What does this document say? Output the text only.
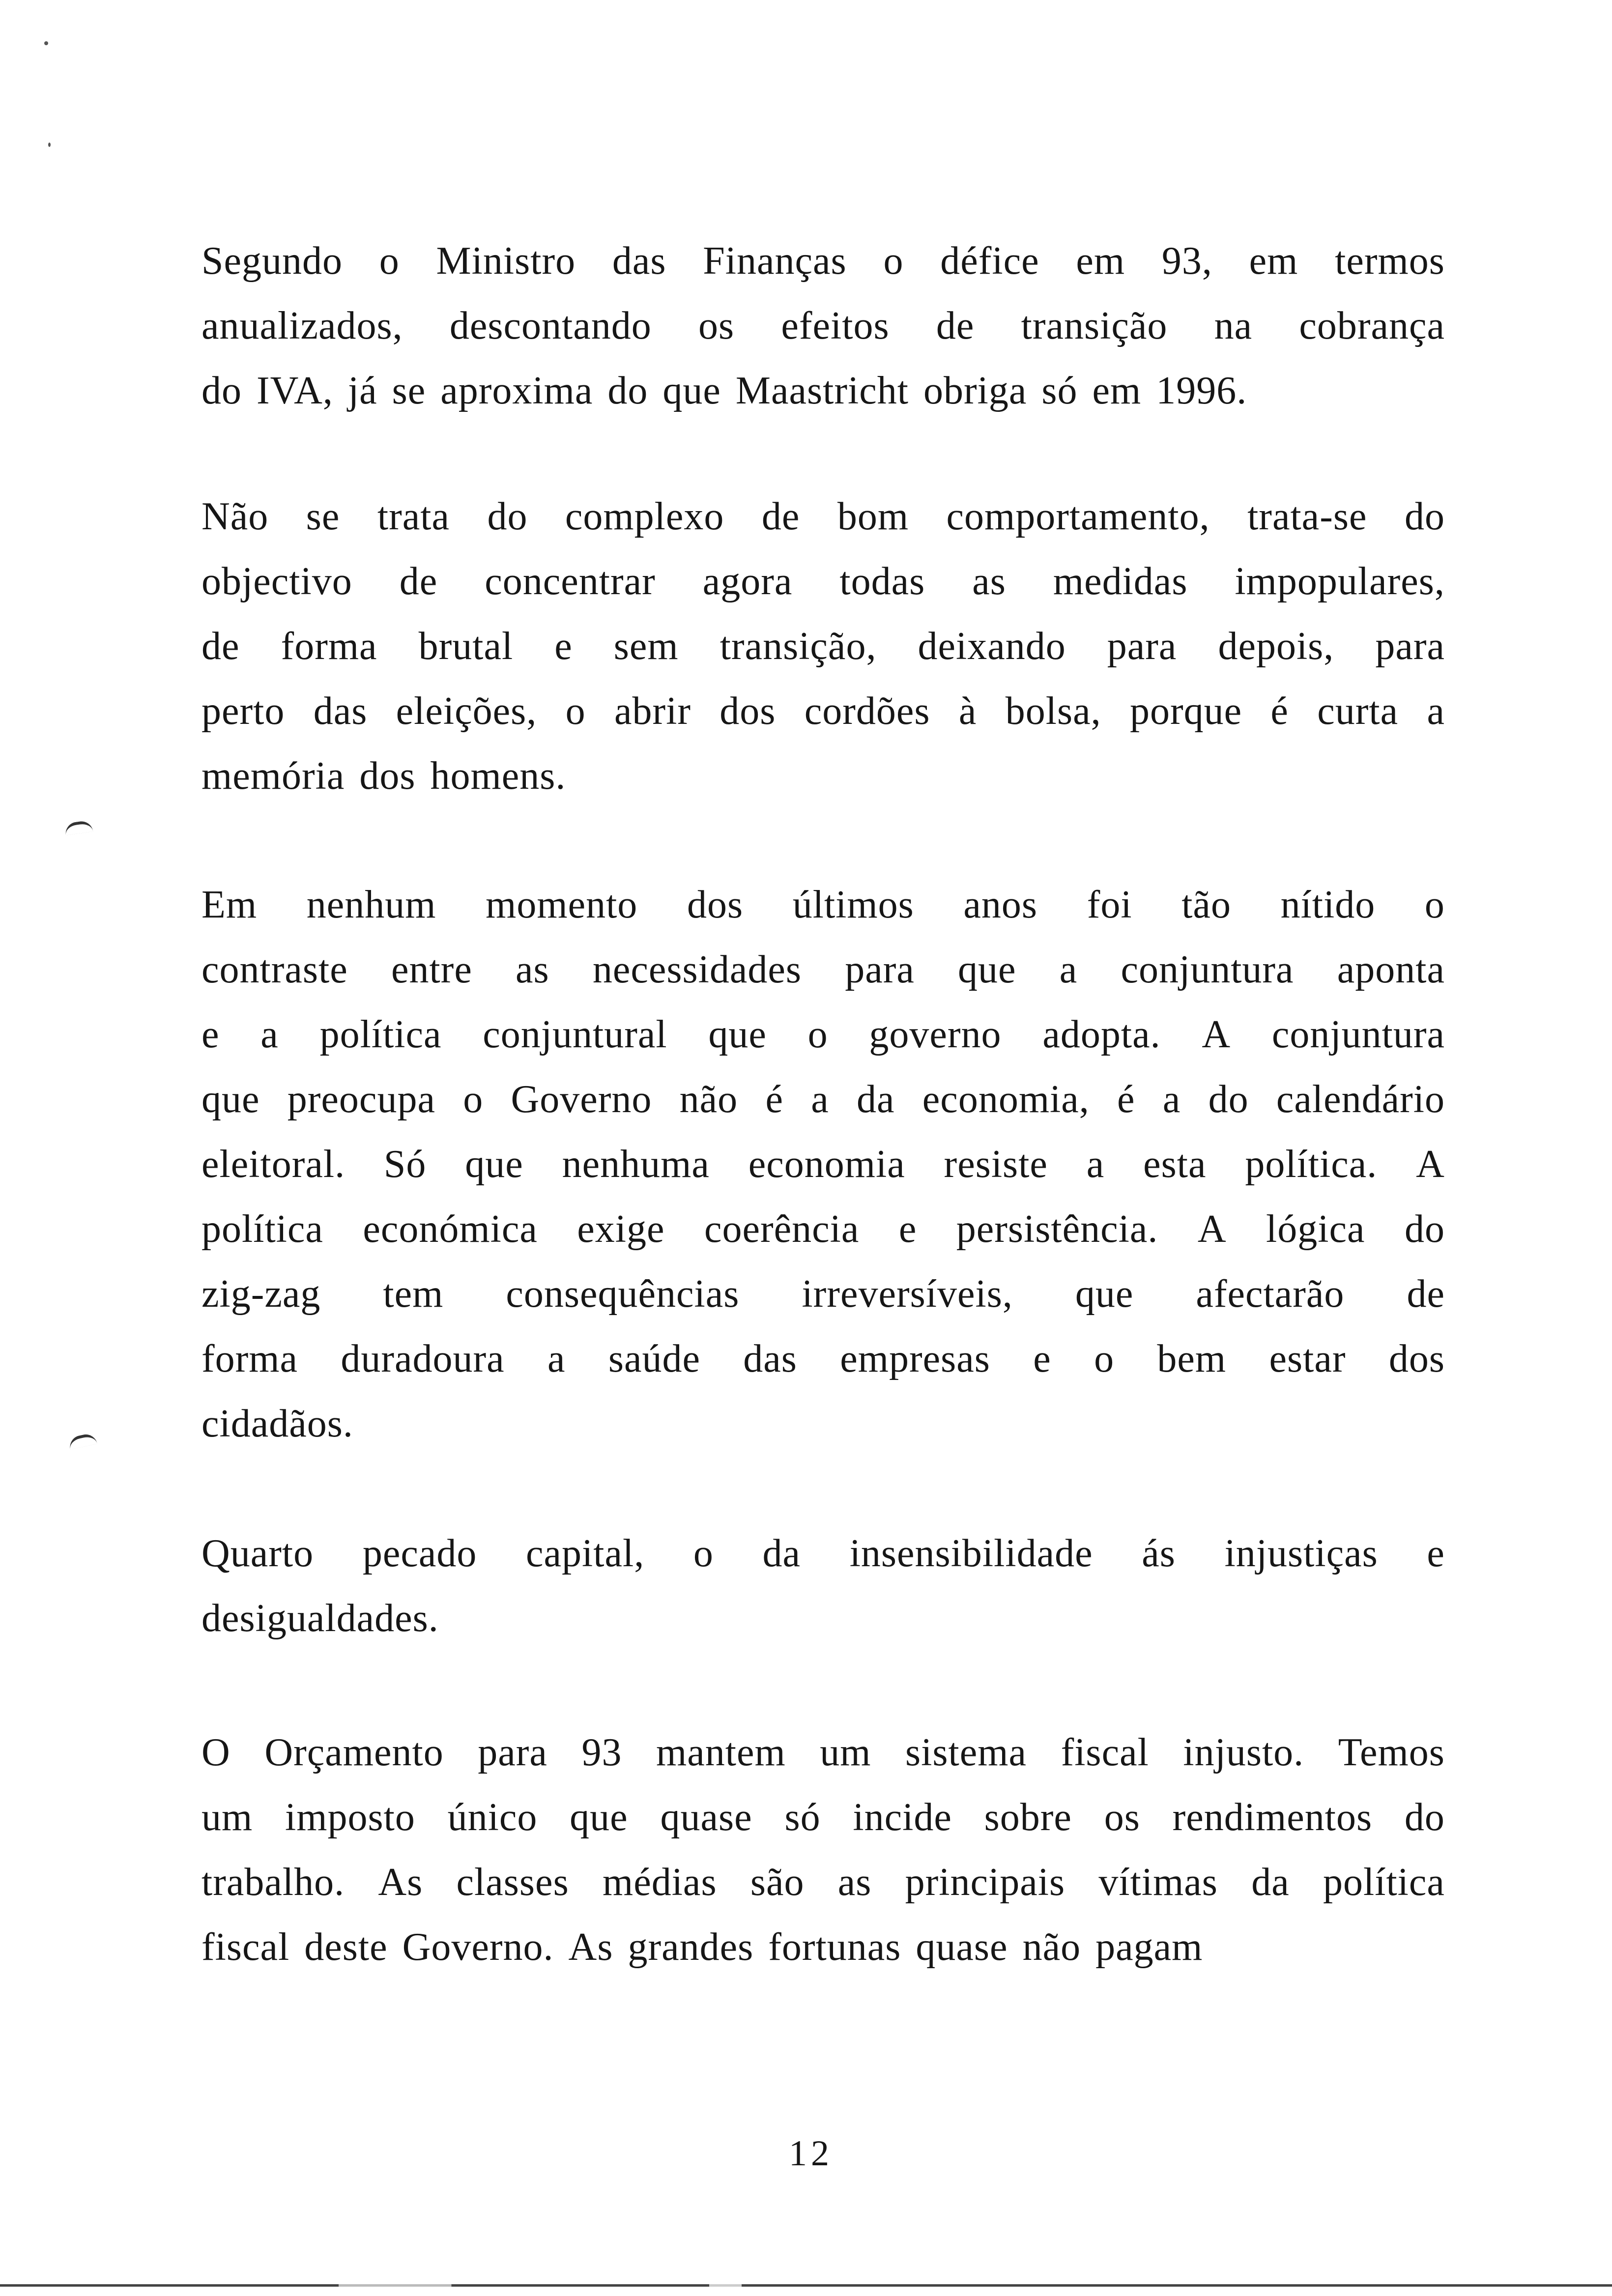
Segundo o Ministro das Finanças o défice em 93, em termos
anualizados, descontando os efeitos de transição na cobrança
do IVA, já se aproxima do que Maastricht obriga só em 1996.
Não se trata do complexo de bom comportamento, trata-se do
objectivo de concentrar agora todas as medidas impopulares,
de forma brutal e sem transição, deixando para depois, para
perto das eleições, o abrir dos cordões à bolsa, porque é curta a
memória dos homens.
Em nenhum momento dos últimos anos foi tão nítido o
contraste entre as necessidades para que a conjuntura aponta
e a política conjuntural que o governo adopta. A conjuntura
que preocupa o Governo não é a da economia, é a do calendário
eleitoral. Só que nenhuma economia resiste a esta política. A
política económica exige coerência e persistência. A lógica do
zig-zag tem consequências irreversíveis, que afectarão de
forma duradoura a saúde das empresas e o bem estar dos
cidadãos.
Quarto pecado capital, o da insensibilidade ás injustiças e
desigualdades.
O Orçamento para 93 mantem um sistema fiscal injusto. Temos
um imposto único que quase só incide sobre os rendimentos do
trabalho. As classes médias são as principais vítimas da política
fiscal deste Governo. As grandes fortunas quase não pagam
12
